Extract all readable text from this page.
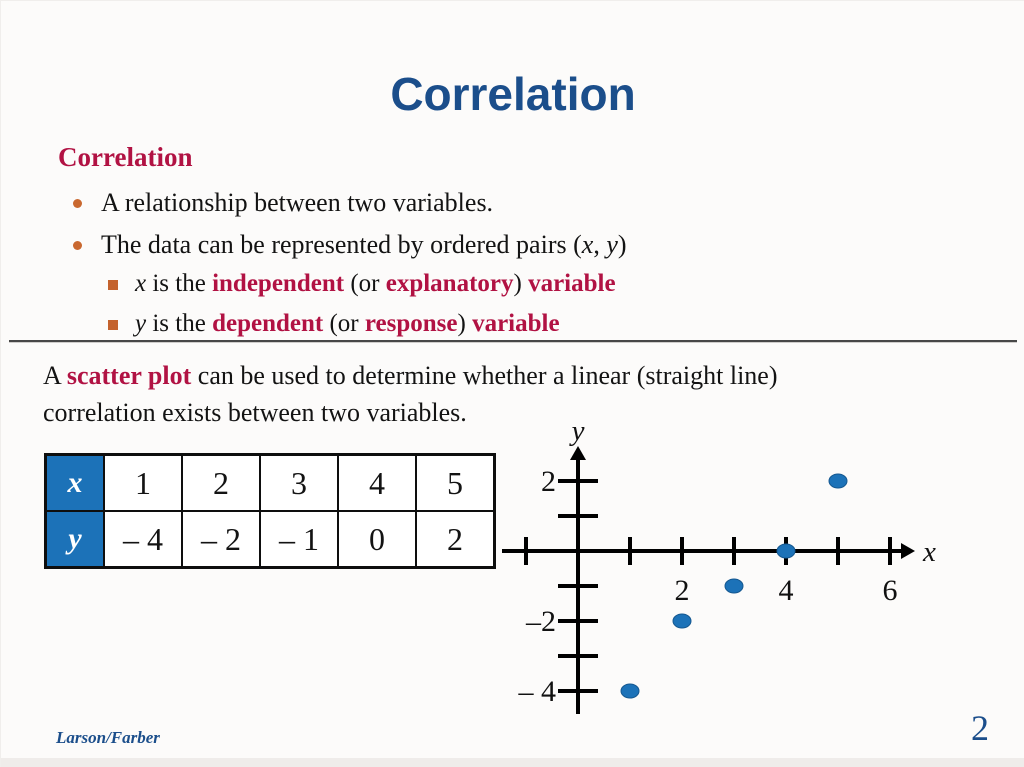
Correlation
Correlation
A relationship between two variables.
The data can be represented by ordered pairs (x, y)
x is the independent (or explanatory) variable
y is the dependent (or response) variable
A scatter plot can be used to determine whether a linear (straight line)
correlation exists between two variables.
x	1	2	3	4	5
y	– 4	– 2	– 1	0	2
2	4	6
2
–2
– 4
x
y
Larson/Farber	2
